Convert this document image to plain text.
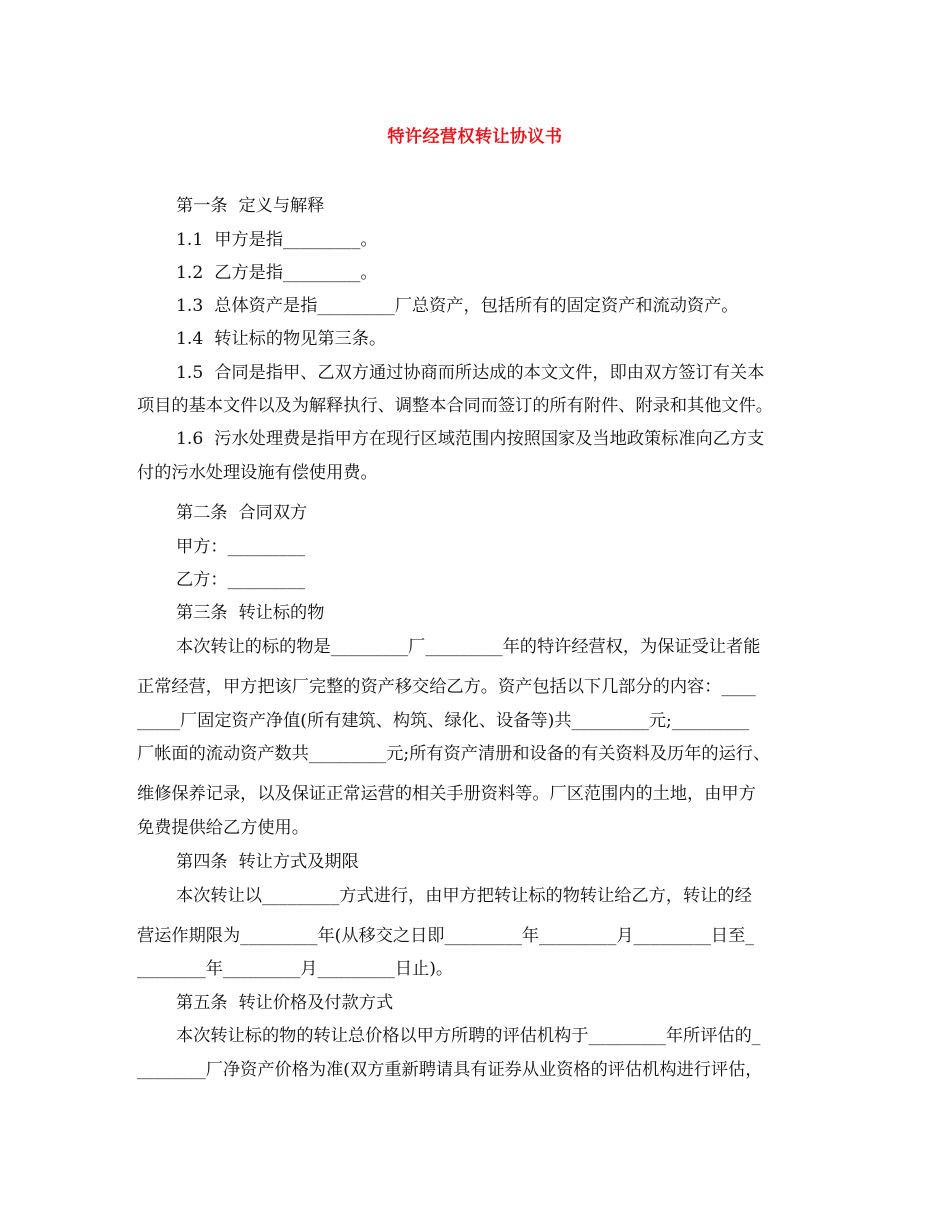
特许经营权转让协议书
第一条  定义与解释
1.1  甲方是指_________。
1.2  乙方是指_________。
1.3  总体资产是指_________厂总资产，包括所有的固定资产和流动资产。
1.4  转让标的物见第三条。
1.5  合同是指甲、乙双方通过协商而所达成的本文文件，即由双方签订有关本
项目的基本文件以及为解释执行、调整本合同而签订的所有附件、附录和其他文件。
1.6  污水处理费是指甲方在现行区域范围内按照国家及当地政策标准向乙方支
付的污水处理设施有偿使用费。
第二条  合同双方
甲方：_________
乙方：_________
第三条  转让标的物
本次转让的标的物是_________厂_________年的特许经营权，为保证受让者能
正常经营，甲方把该厂完整的资产移交给乙方。资产包括以下几部分的内容：____
_____厂固定资产净值(所有建筑、构筑、绿化、设备等)共_________元;_________
厂帐面的流动资产数共_________元;所有资产清册和设备的有关资料及历年的运行、
维修保养记录，以及保证正常运营的相关手册资料等。厂区范围内的土地，由甲方
免费提供给乙方使用。
第四条  转让方式及期限
本次转让以_________方式进行，由甲方把转让标的物转让给乙方，转让的经
营运作期限为_________年(从移交之日即_________年_________月_________日至_
________年_________月_________日止)。
第五条  转让价格及付款方式
本次转让标的物的转让总价格以甲方所聘的评估机构于_________年所评估的_
________厂净资产价格为准(双方重新聘请具有证券从业资格的评估机构进行评估，
